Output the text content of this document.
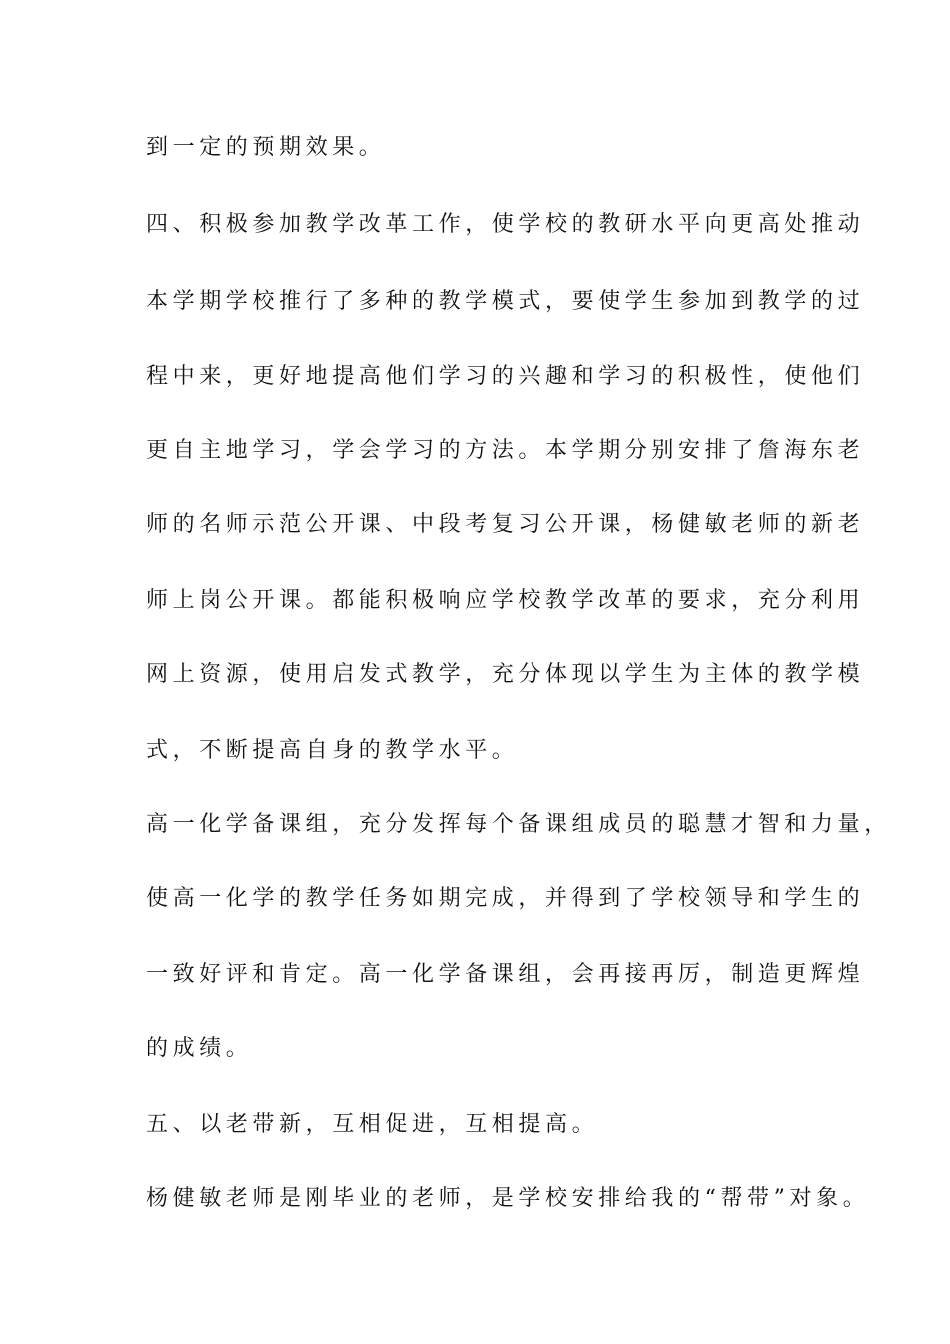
到一定的预期效果。
四、积极参加教学改革工作，使学校的教研水平向更高处推动
本学期学校推行了多种的教学模式，要使学生参加到教学的过
程中来，更好地提高他们学习的兴趣和学习的积极性，使他们
更自主地学习，学会学习的方法。本学期分别安排了詹海东老
师的名师示范公开课、中段考复习公开课，杨健敏老师的新老
师上岗公开课。都能积极响应学校教学改革的要求，充分利用
网上资源，使用启发式教学，充分体现以学生为主体的教学模
式，不断提高自身的教学水平。
高一化学备课组，充分发挥每个备课组成员的聪慧才智和力量，
使高一化学的教学任务如期完成，并得到了学校领导和学生的
一致好评和肯定。高一化学备课组，会再接再厉，制造更辉煌
的成绩。
五、以老带新，互相促进，互相提高。
杨健敏老师是刚毕业的老师，是学校安排给我的“帮带”对象。
